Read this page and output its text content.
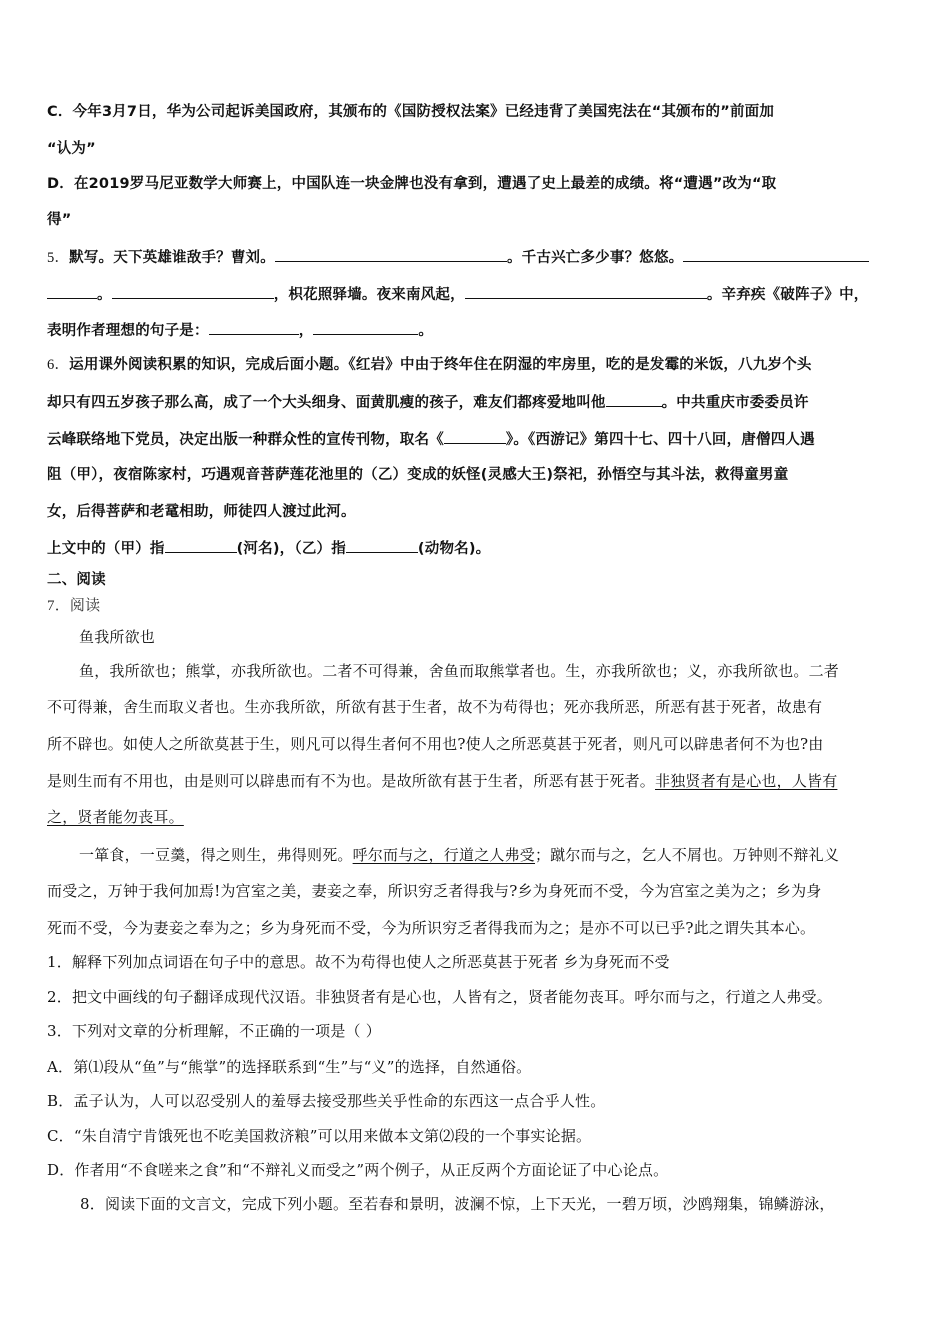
C．今年3月7日，华为公司起诉美国政府，其颁布的《国防授权法案》已经违背了美国宪法在“其颁布的”前面加
“认为”
D．在2019罗马尼亚数学大师赛上，中国队连一块金牌也没有拿到，遭遇了史上最差的成绩。将“遭遇”改为“取
得”
5．默写。天下英雄谁敌手？曹刘。	。千古兴亡多少事？悠悠。
。	，枳花照驿墙。夜来南风起，	。辛弃疾《破阵子》中，
表明作者理想的句子是：	，	。
6．运用课外阅读积累的知识，完成后面小题。《红岩》中由于终年住在阴湿的牢房里，吃的是发霉的米饭，八九岁个头
却只有四五岁孩子那么高，成了一个大头细身、面黄肌瘦的孩子，难友们都疼爱地叫他	。中共重庆市委委员许
云峰联络地下党员，决定出版一种群众性的宣传刊物，取名《	》。《西游记》第四十七、四十八回，唐僧四人遇
阻（甲），夜宿陈家村，巧遇观音菩萨莲花池里的（乙）变成的妖怪(灵感大王)祭祀，孙悟空与其斗法，救得童男童
女，后得菩萨和老鼋相助，师徒四人渡过此河。
上文中的（甲）指	(河名)，（乙）指	(动物名)。
二、阅读
7．阅读
鱼我所欲也
鱼，我所欲也；熊掌，亦我所欲也。二者不可得兼，舍鱼而取熊掌者也。生，亦我所欲也；义，亦我所欲也。二者
不可得兼，舍生而取义者也。生亦我所欲，所欲有甚于生者，故不为苟得也；死亦我所恶，所恶有甚于死者，故患有
所不辟也。如使人之所欲莫甚于生，则凡可以得生者何不用也?使人之所恶莫甚于死者，则凡可以辟患者何不为也?由
是则生而有不用也，由是则可以辟患而有不为也。是故所欲有甚于生者，所恶有甚于死者。非独贤者有是心也，人皆有
之，贤者能勿丧耳。
一箪食，一豆羹，得之则生，弗得则死。呼尔而与之，行道之人弗受；蹴尔而与之，乞人不屑也。万钟则不辩礼义
而受之，万钟于我何加焉!为宫室之美，妻妾之奉，所识穷乏者得我与?乡为身死而不受，今为宫室之美为之；乡为身
死而不受，今为妻妾之奉为之；乡为身死而不受，今为所识穷乏者得我而为之；是亦不可以已乎?此之谓失其本心。
1．解释下列加点词语在句子中的意思。故不为苟得也使人之所恶莫甚于死者 乡为身死而不受
2．把文中画线的句子翻译成现代汉语。非独贤者有是心也，人皆有之，贤者能勿丧耳。呼尔而与之，行道之人弗受。
3．下列对文章的分析理解，不正确的一项是（ ）
A．第⑴段从“鱼”与“熊掌”的选择联系到“生”与“义”的选择，自然通俗。
B．孟子认为，人可以忍受别人的羞辱去接受那些关乎性命的东西这一点合乎人性。
C．“朱自清宁肯饿死也不吃美国救济粮”可以用来做本文第⑵段的一个事实论据。
D．作者用“不食嗟来之食”和“不辩礼义而受之”两个例子，从正反两个方面论证了中心论点。
8．阅读下面的文言文，完成下列小题。至若春和景明，波澜不惊，上下天光，一碧万顷，沙鸥翔集，锦鳞游泳，
